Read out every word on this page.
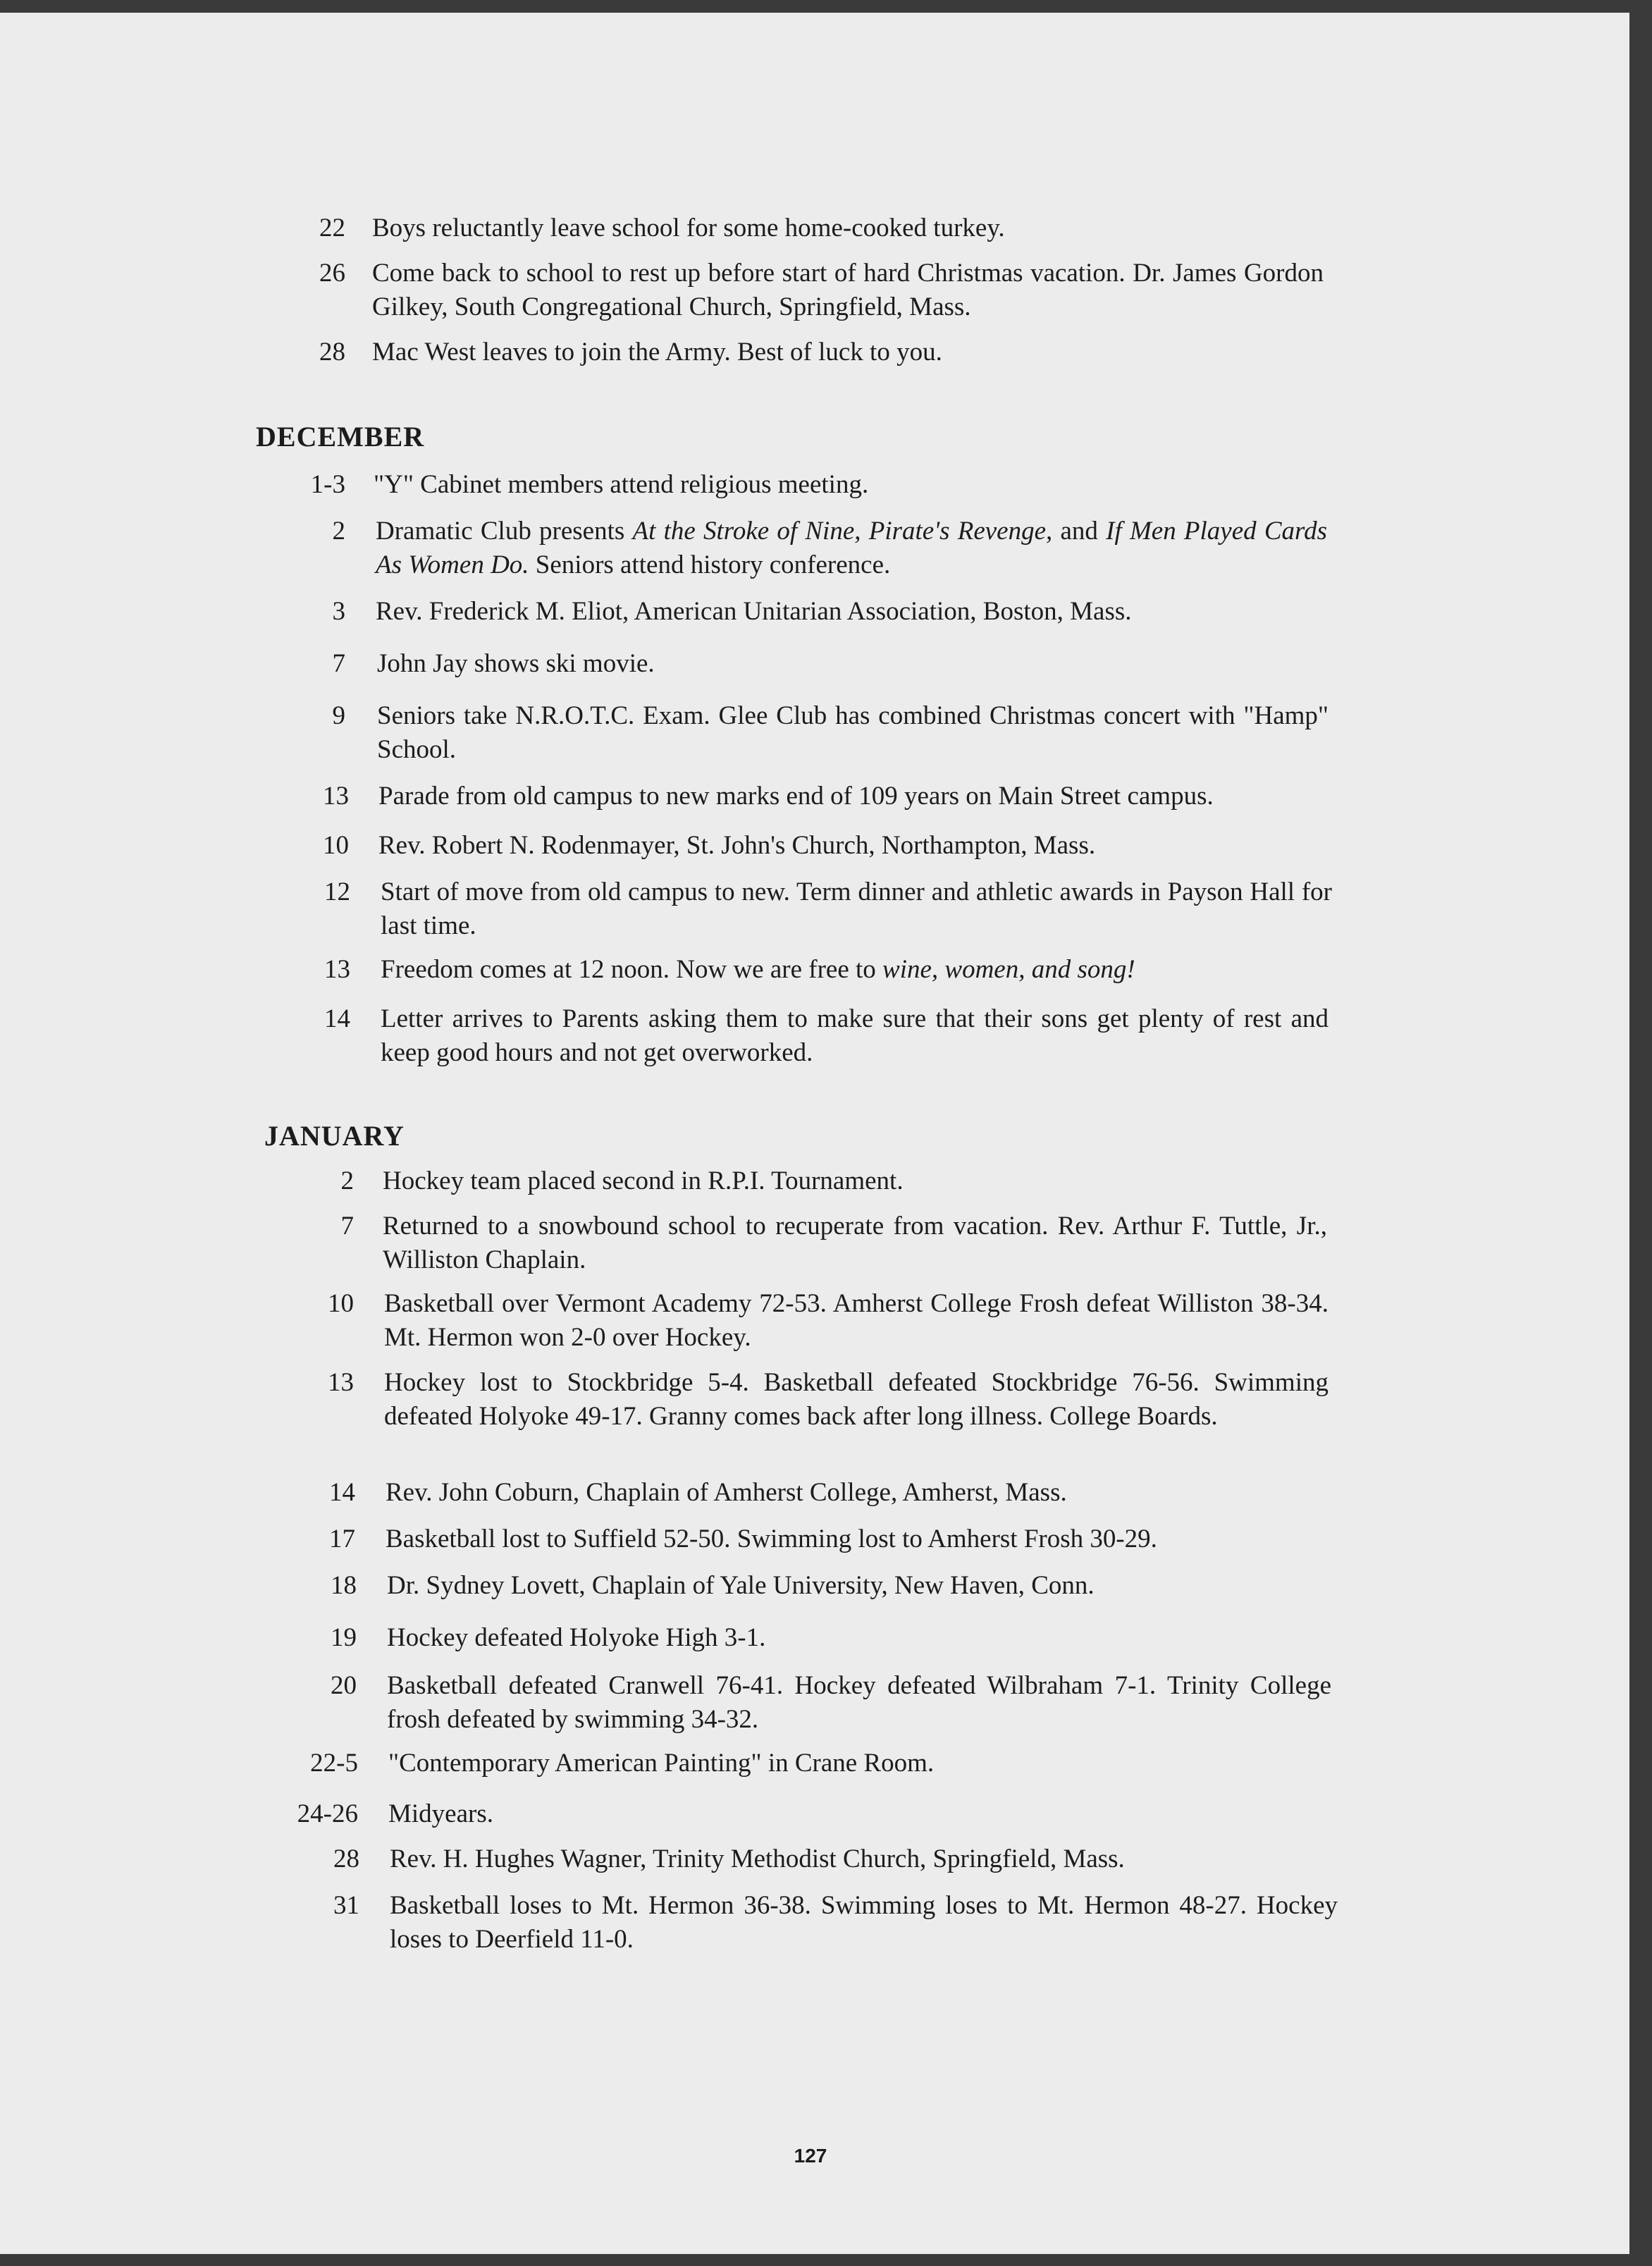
22 Boys reluctantly leave school for some home-cooked turkey.
26 Come back to school to rest up before start of hard Christmas vacation. Dr. James Gordon Gilkey, South Congregational Church, Springfield, Mass.
28 Mac West leaves to join the Army. Best of luck to you.
DECEMBER
1-3 "Y" Cabinet members attend religious meeting.
2 Dramatic Club presents At the Stroke of Nine, Pirate's Revenge, and If Men Played Cards As Women Do. Seniors attend history conference.
3 Rev. Frederick M. Eliot, American Unitarian Association, Boston, Mass.
7 John Jay shows ski movie.
9 Seniors take N.R.O.T.C. Exam. Glee Club has combined Christmas concert with "Hamp" School.
13 Parade from old campus to new marks end of 109 years on Main Street campus.
10 Rev. Robert N. Rodenmayer, St. John's Church, Northampton, Mass.
12 Start of move from old campus to new. Term dinner and athletic awards in Payson Hall for last time.
13 Freedom comes at 12 noon. Now we are free to wine, women, and song!
14 Letter arrives to Parents asking them to make sure that their sons get plenty of rest and keep good hours and not get overworked.
JANUARY
2 Hockey team placed second in R.P.I. Tournament.
7 Returned to a snowbound school to recuperate from vacation. Rev. Arthur F. Tuttle, Jr., Williston Chaplain.
10 Basketball over Vermont Academy 72-53. Amherst College Frosh defeat Williston 38-34. Mt. Hermon won 2-0 over Hockey.
13 Hockey lost to Stockbridge 5-4. Basketball defeated Stockbridge 76-56. Swimming defeated Holyoke 49-17. Granny comes back after long illness. College Boards.
14 Rev. John Coburn, Chaplain of Amherst College, Amherst, Mass.
17 Basketball lost to Suffield 52-50. Swimming lost to Amherst Frosh 30-29.
18 Dr. Sydney Lovett, Chaplain of Yale University, New Haven, Conn.
19 Hockey defeated Holyoke High 3-1.
20 Basketball defeated Cranwell 76-41. Hockey defeated Wilbraham 7-1. Trinity College frosh defeated by swimming 34-32.
22-5 "Contemporary American Painting" in Crane Room.
24-26 Midyears.
28 Rev. H. Hughes Wagner, Trinity Methodist Church, Springfield, Mass.
31 Basketball loses to Mt. Hermon 36-38. Swimming loses to Mt. Hermon 48-27. Hockey loses to Deerfield 11-0.
127
